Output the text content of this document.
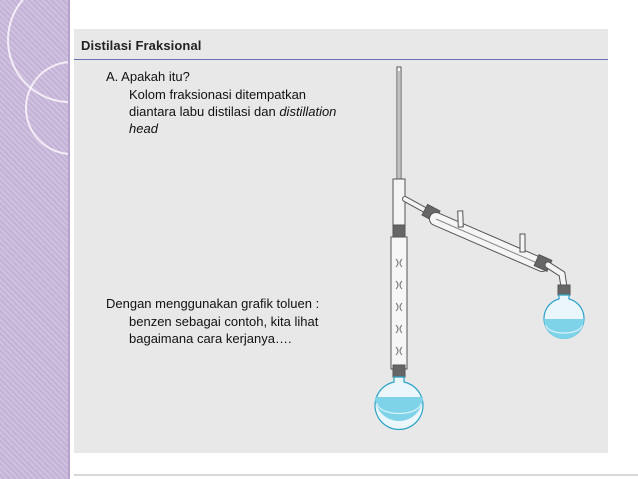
Distilasi Fraksional
A. Apakah itu?
Kolom fraksionasi ditempatkan
diantara labu distilasi dan distillation
head
Dengan menggunakan grafik toluen :
benzen sebagai contoh, kita lihat
bagaimana cara kerjanya….
